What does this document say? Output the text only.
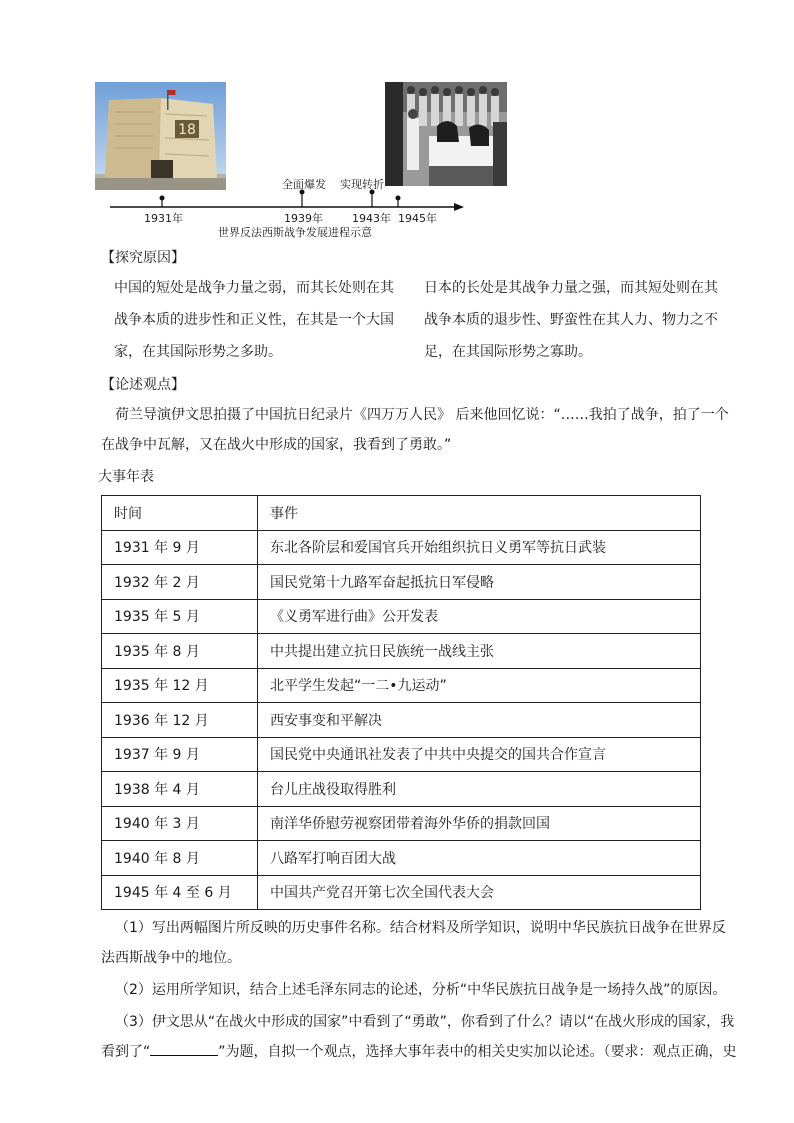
18
全面爆发 实现转折
1931年	1939年	1943年 1945年
世界反法西斯战争发展进程示意
【探究原因】
中国的短处是战争力量之弱，而其长处则在其
战争本质的进步性和正义性，在其是一个大国
家，在其国际形势之多助。
日本的长处是其战争力量之强，而其短处则在其
战争本质的退步性、野蛮性在其人力、物力之不
足，在其国际形势之寡助。
【论述观点】
荷兰导演伊文思拍摄了中国抗日纪录片《四万万人民》 后来他回忆说：“……我拍了战争，拍了一个
在战争中瓦解，又在战火中形成的国家，我看到了勇敢。”
大事年表
时间	事件
1931 年 9 月	东北各阶层和爱国官兵开始组织抗日义勇军等抗日武装
1932 年 2 月	国民党第十九路军奋起抵抗日军侵略
1935 年 5 月	《义勇军进行曲》公开发表
1935 年 8 月	中共提出建立抗日民族统一战线主张
1935 年 12 月	北平学生发起“一二•九运动”
1936 年 12 月	西安事变和平解决
1937 年 9 月	国民党中央通讯社发表了中共中央提交的国共合作宣言
1938 年 4 月	台儿庄战役取得胜利
1940 年 3 月	南洋华侨慰劳视察团带着海外华侨的捐款回国
1940 年 8 月	八路军打响百团大战
1945 年 4 至 6 月	中国共产党召开第七次全国代表大会
（1）写出两幅图片所反映的历史事件名称。结合材料及所学知识，说明中华民族抗日战争在世界反
法西斯战争中的地位。
（2）运用所学知识，结合上述毛泽东同志的论述，分析“中华民族抗日战争是一场持久战”的原因。
（3）伊文思从“在战火中形成的国家”中看到了“勇敢”，你看到了什么？请以“在战火形成的国家，我
看到了“	”为题，自拟一个观点，选择大事年表中的相关史实加以论述。（要求：观点正确，史
